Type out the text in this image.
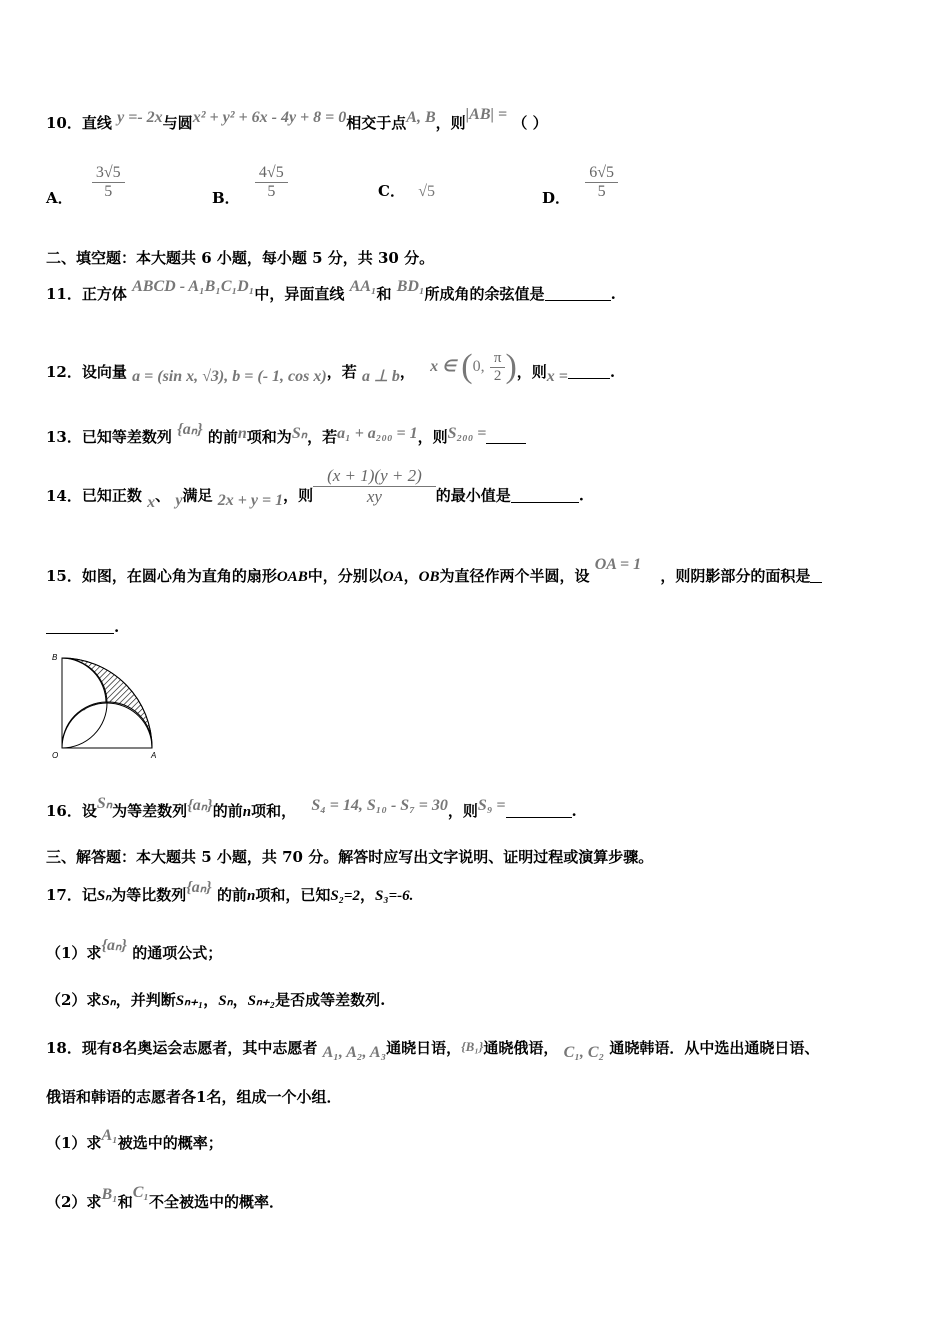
10．直线 y =- 2x与圆x² + y² + 6x - 4y + 8 = 0相交于点A, B，则|AB| = （ ）
A． $\frac{3√5}{5}$	B． $\frac{4√5}{5}$	C． √5	D． $\frac{6√5}{5}$
二、填空题：本大题共 6 小题，每小题 5 分，共 30 分。
11．正方体 ABCD - A₁B₁C₁D₁中，异面直线 AA₁和 BD₁所成角的余弦值是	.
12．设向量 a = (sin x, √3), b = (- 1, cos x)，若 a ⊥ b， x ∈ (0, $\frac{\pi}{2}$ )，则x =	.
13．已知等差数列 {aₙ} 的前n项和为Sₙ，若a₁ + a₂₀₀ = 1，则S₂₀₀ =
14．已知正数 x、 y满足 2x + y = 1，则 $\frac{(x + 1)(y + 2)}{xy}$ 的最小值是	.
15．如图，在圆心角为直角的扇形OAB中，分别以OA，OB为直径作两个半圆，设 OA = 1 ，则阴影部分的面积是
.
B
O	A
16．设Sₙ为等差数列{aₙ}的前n项和， S₄ = 14, S₁₀ - S₇ = 30，则S₉ =	.
三、解答题：本大题共 5 小题，共 70 分。解答时应写出文字说明、证明过程或演算步骤。
17．记Sₙ为等比数列{aₙ} 的前n项和，已知S₂=2，S₃=-6.
（1）求{aₙ} 的通项公式；
（2）求Sₙ，并判断Sₙ₊₁，Sₙ，Sₙ₊₂是否成等差数列.
18．现有8名奥运会志愿者，其中志愿者 A₁, A₂, A₃通晓日语，{B₁}通晓俄语， C₁, C₂ 通晓韩语．从中选出通晓日语、
俄语和韩语的志愿者各1名，组成一个小组．
（1）求A₁被选中的概率；
（2）求B₁和C₁不全被选中的概率．
